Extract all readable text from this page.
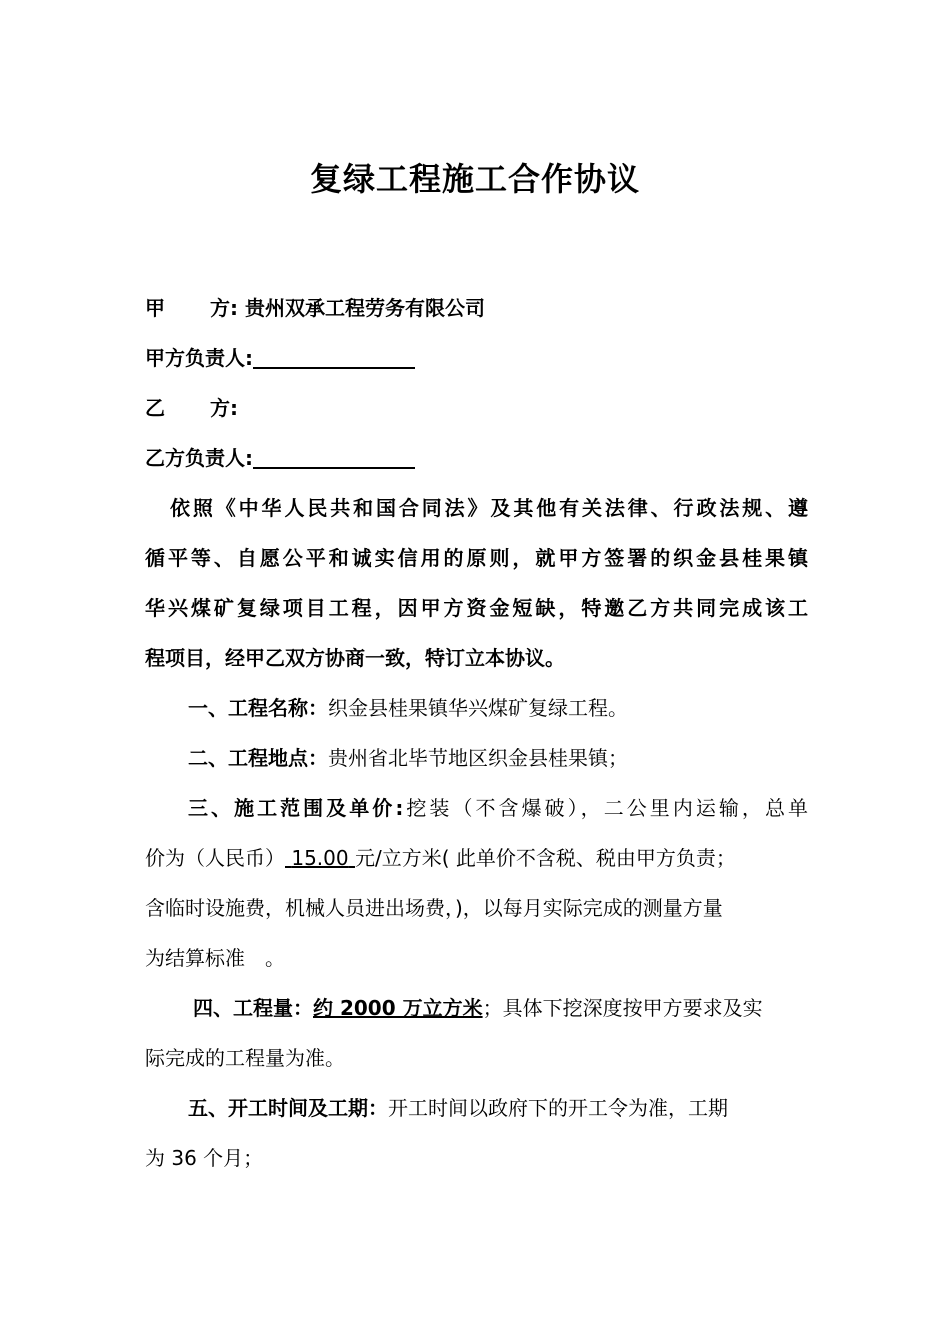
复绿工程施工合作协议
甲 方: 贵州双承工程劳务有限公司
甲方负责人:
乙 方:
乙方负责人:
依照《中华人民共和国合同法》及其他有关法律、行政法规、遵
循平等、自愿公平和诚实信用的原则，就甲方签署的织金县桂果镇
华兴煤矿复绿项目工程，因甲方资金短缺，特邀乙方共同完成该工
程项目，经甲乙双方协商一致，特订立本协议。
一、工程名称：织金县桂果镇华兴煤矿复绿工程。
二、工程地点：贵州省北毕节地区织金县桂果镇；
三、施工范围及单价:挖装（不含爆破），二公里内运输，总单
价为（人民币） 15.00 元/立方米( 此单价不含税、税由甲方负责；
含临时设施费，机械人员进出场费，)，以每月实际完成的测量方量
为结算标准　。
四、工程量：约 2000 万立方米；具体下挖深度按甲方要求及实
际完成的工程量为准。
五、开工时间及工期：开工时间以政府下的开工令为准，工期
为 36 个月；
